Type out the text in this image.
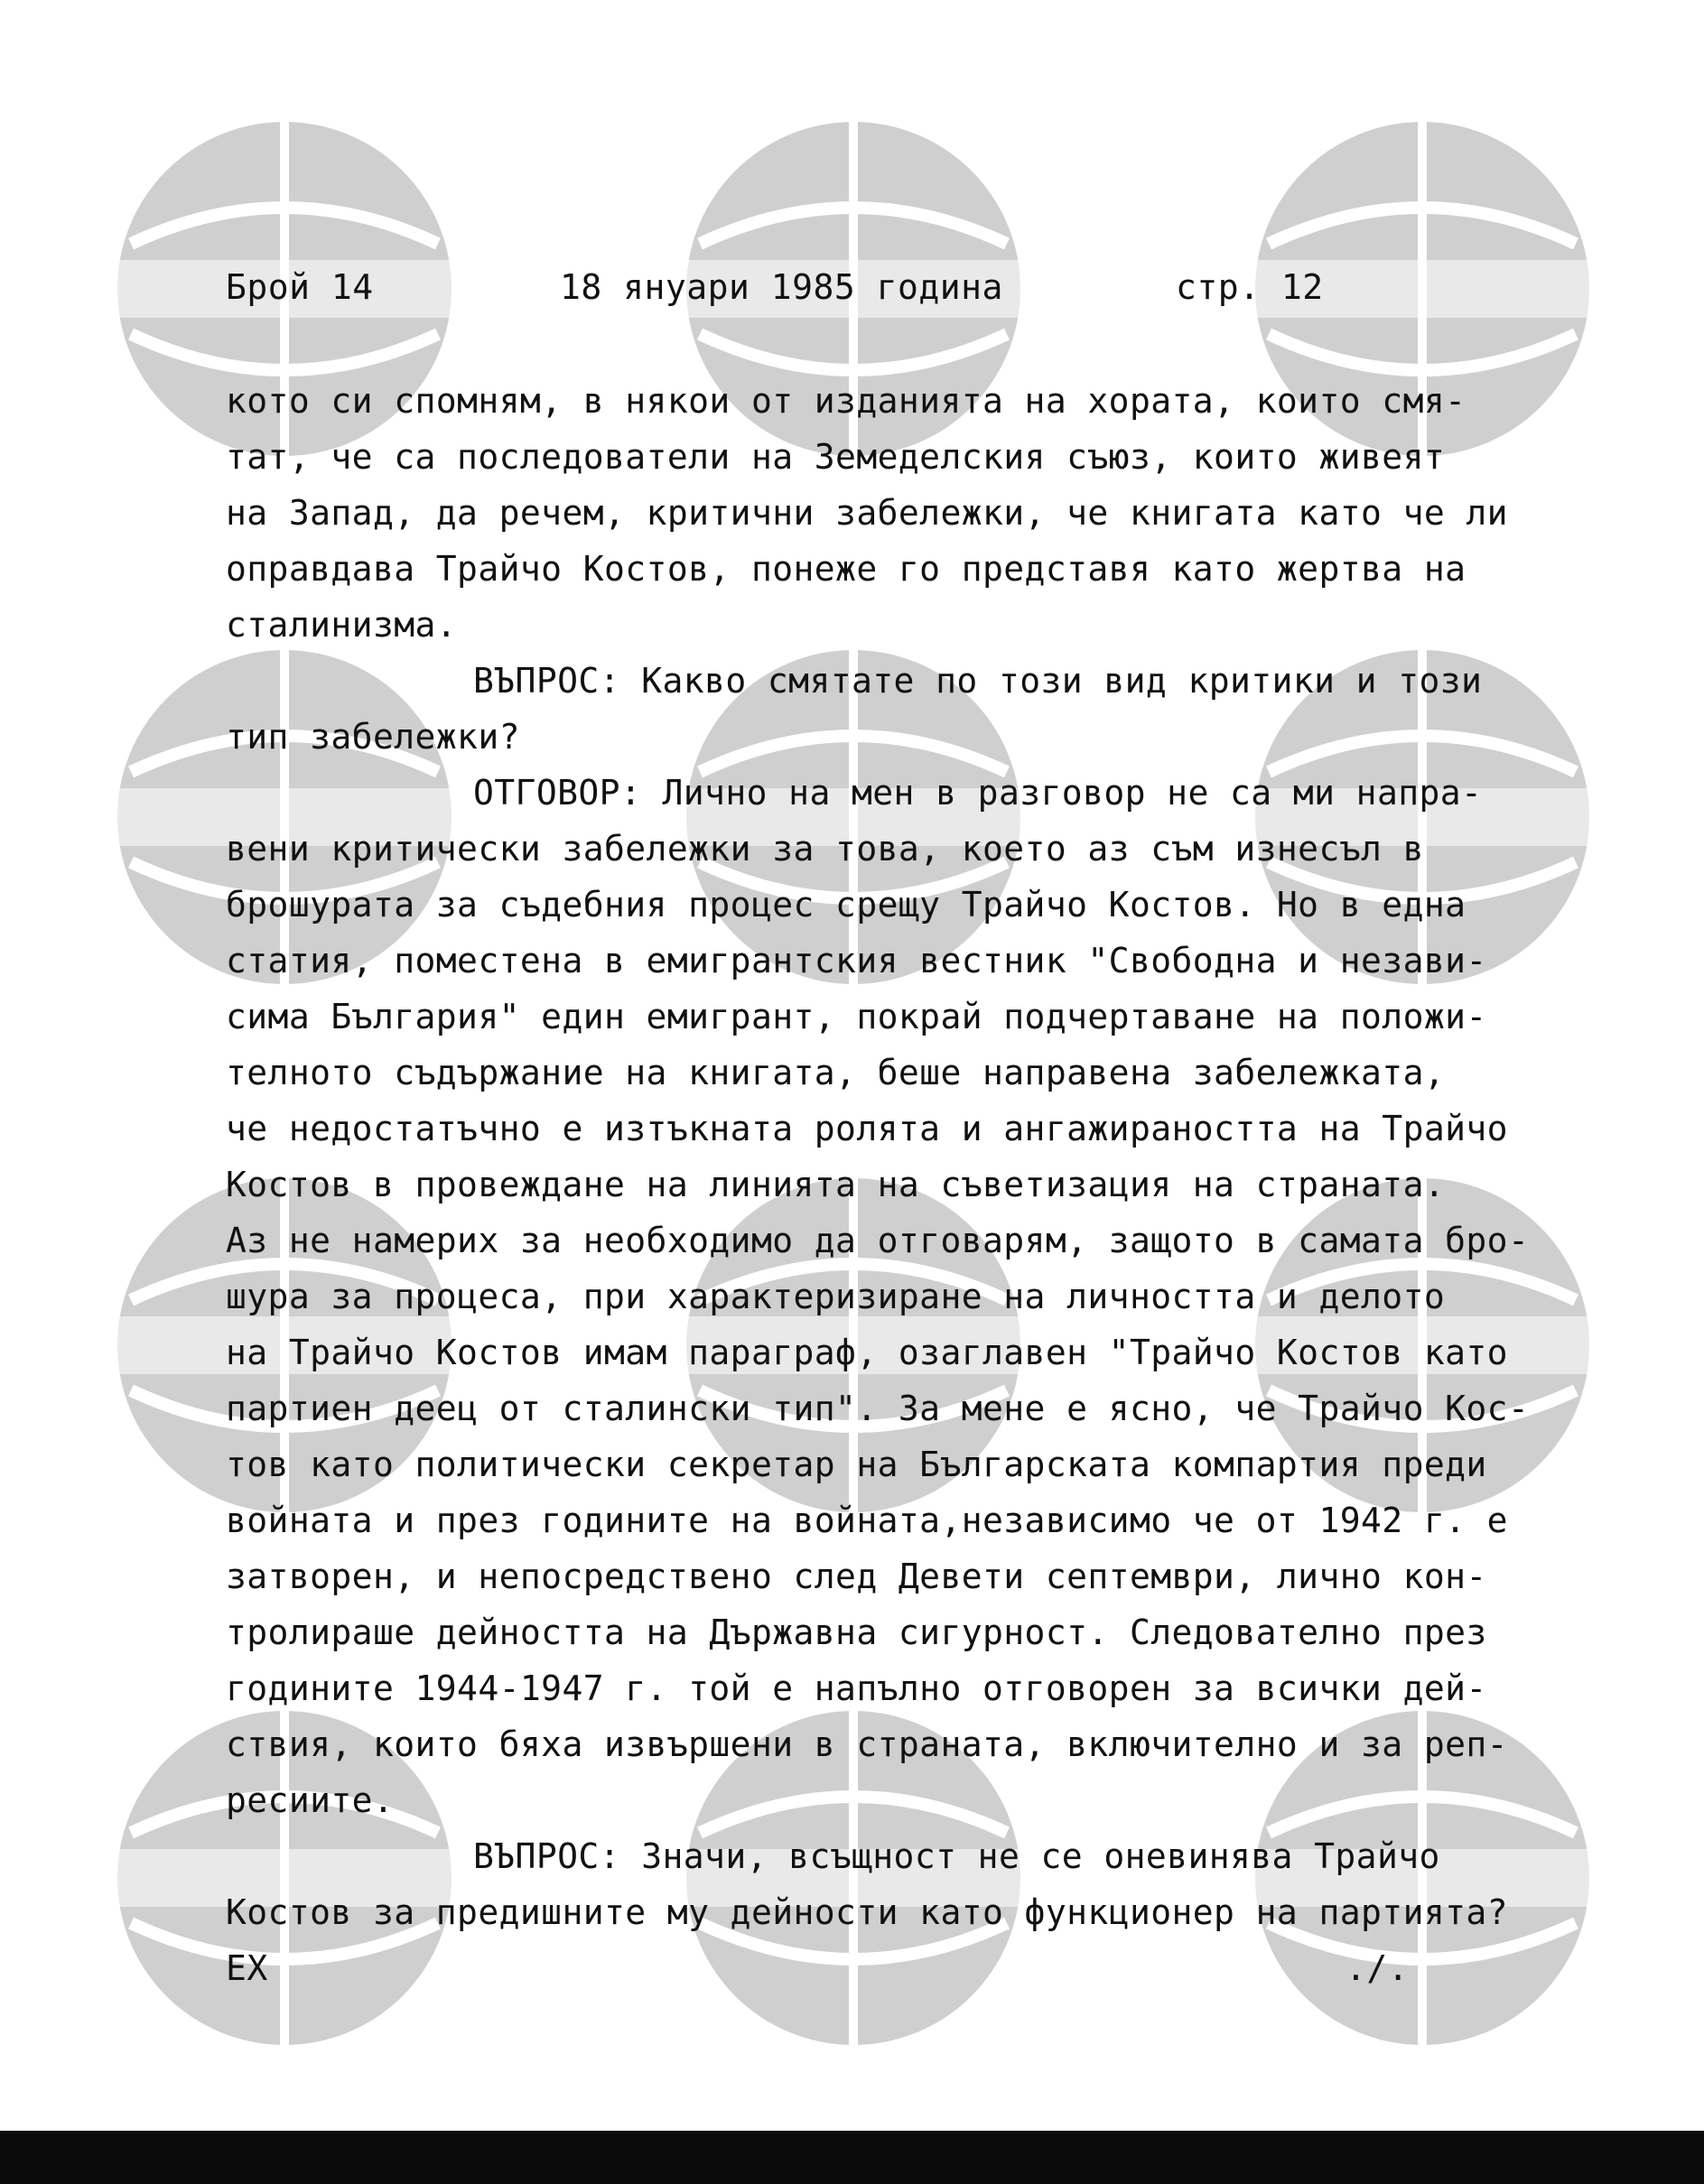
Брой 14	18 януари 1985 година	стр. 12
кото си спомням, в някои от изданията на хората, които смя-
тат, че са последователи на Земеделския съюз, които живеят
на Запад, да речем, критични забележки, че книгата като че ли
оправдава Трайчо Костов, понеже го представя като жертва на
сталинизма.
ВЪПРОС: Какво смятате по този вид критики и този
тип забележки?
ОТГОВОР: Лично на мен в разговор не са ми напра-
вени критически забележки за това, което аз съм изнесъл в
брошурата за съдебния процес срещу Трайчо Костов. Но в една
статия, поместена в емигрантския вестник "Свободна и незави-
сима България" един емигрант, покрай подчертаване на положи-
телното съдържание на книгата, беше направена забележката,
че недостатъчно е изтъкната ролята и ангажираността на Трайчо
Костов в провеждане на линията на съветизация на страната.
Аз не намерих за необходимо да отговарям, защото в самата бро-
шура за процеса, при характеризиране на личността и делото
на Трайчо Костов имам параграф, озаглавен "Трайчо Костов като
партиен деец от сталински тип". За мене е ясно, че Трайчо Кос-
тов като политически секретар на Българската компартия преди
войната и през годините на войната,независимо че от 1942 г. е
затворен, и непосредствено след Девети септември, лично кон-
тролираше дейността на Държавна сигурност. Следователно през
годините 1944-1947 г. той е напълно отговорен за всички дей-
ствия, които бяха извършени в страната, включително и за реп-
ресиите.
ВЪПРОС: Значи, всъщност не се оневинява Трайчо
Костов за предишните му дейности като функционер на партията?
ЕХ	./.
